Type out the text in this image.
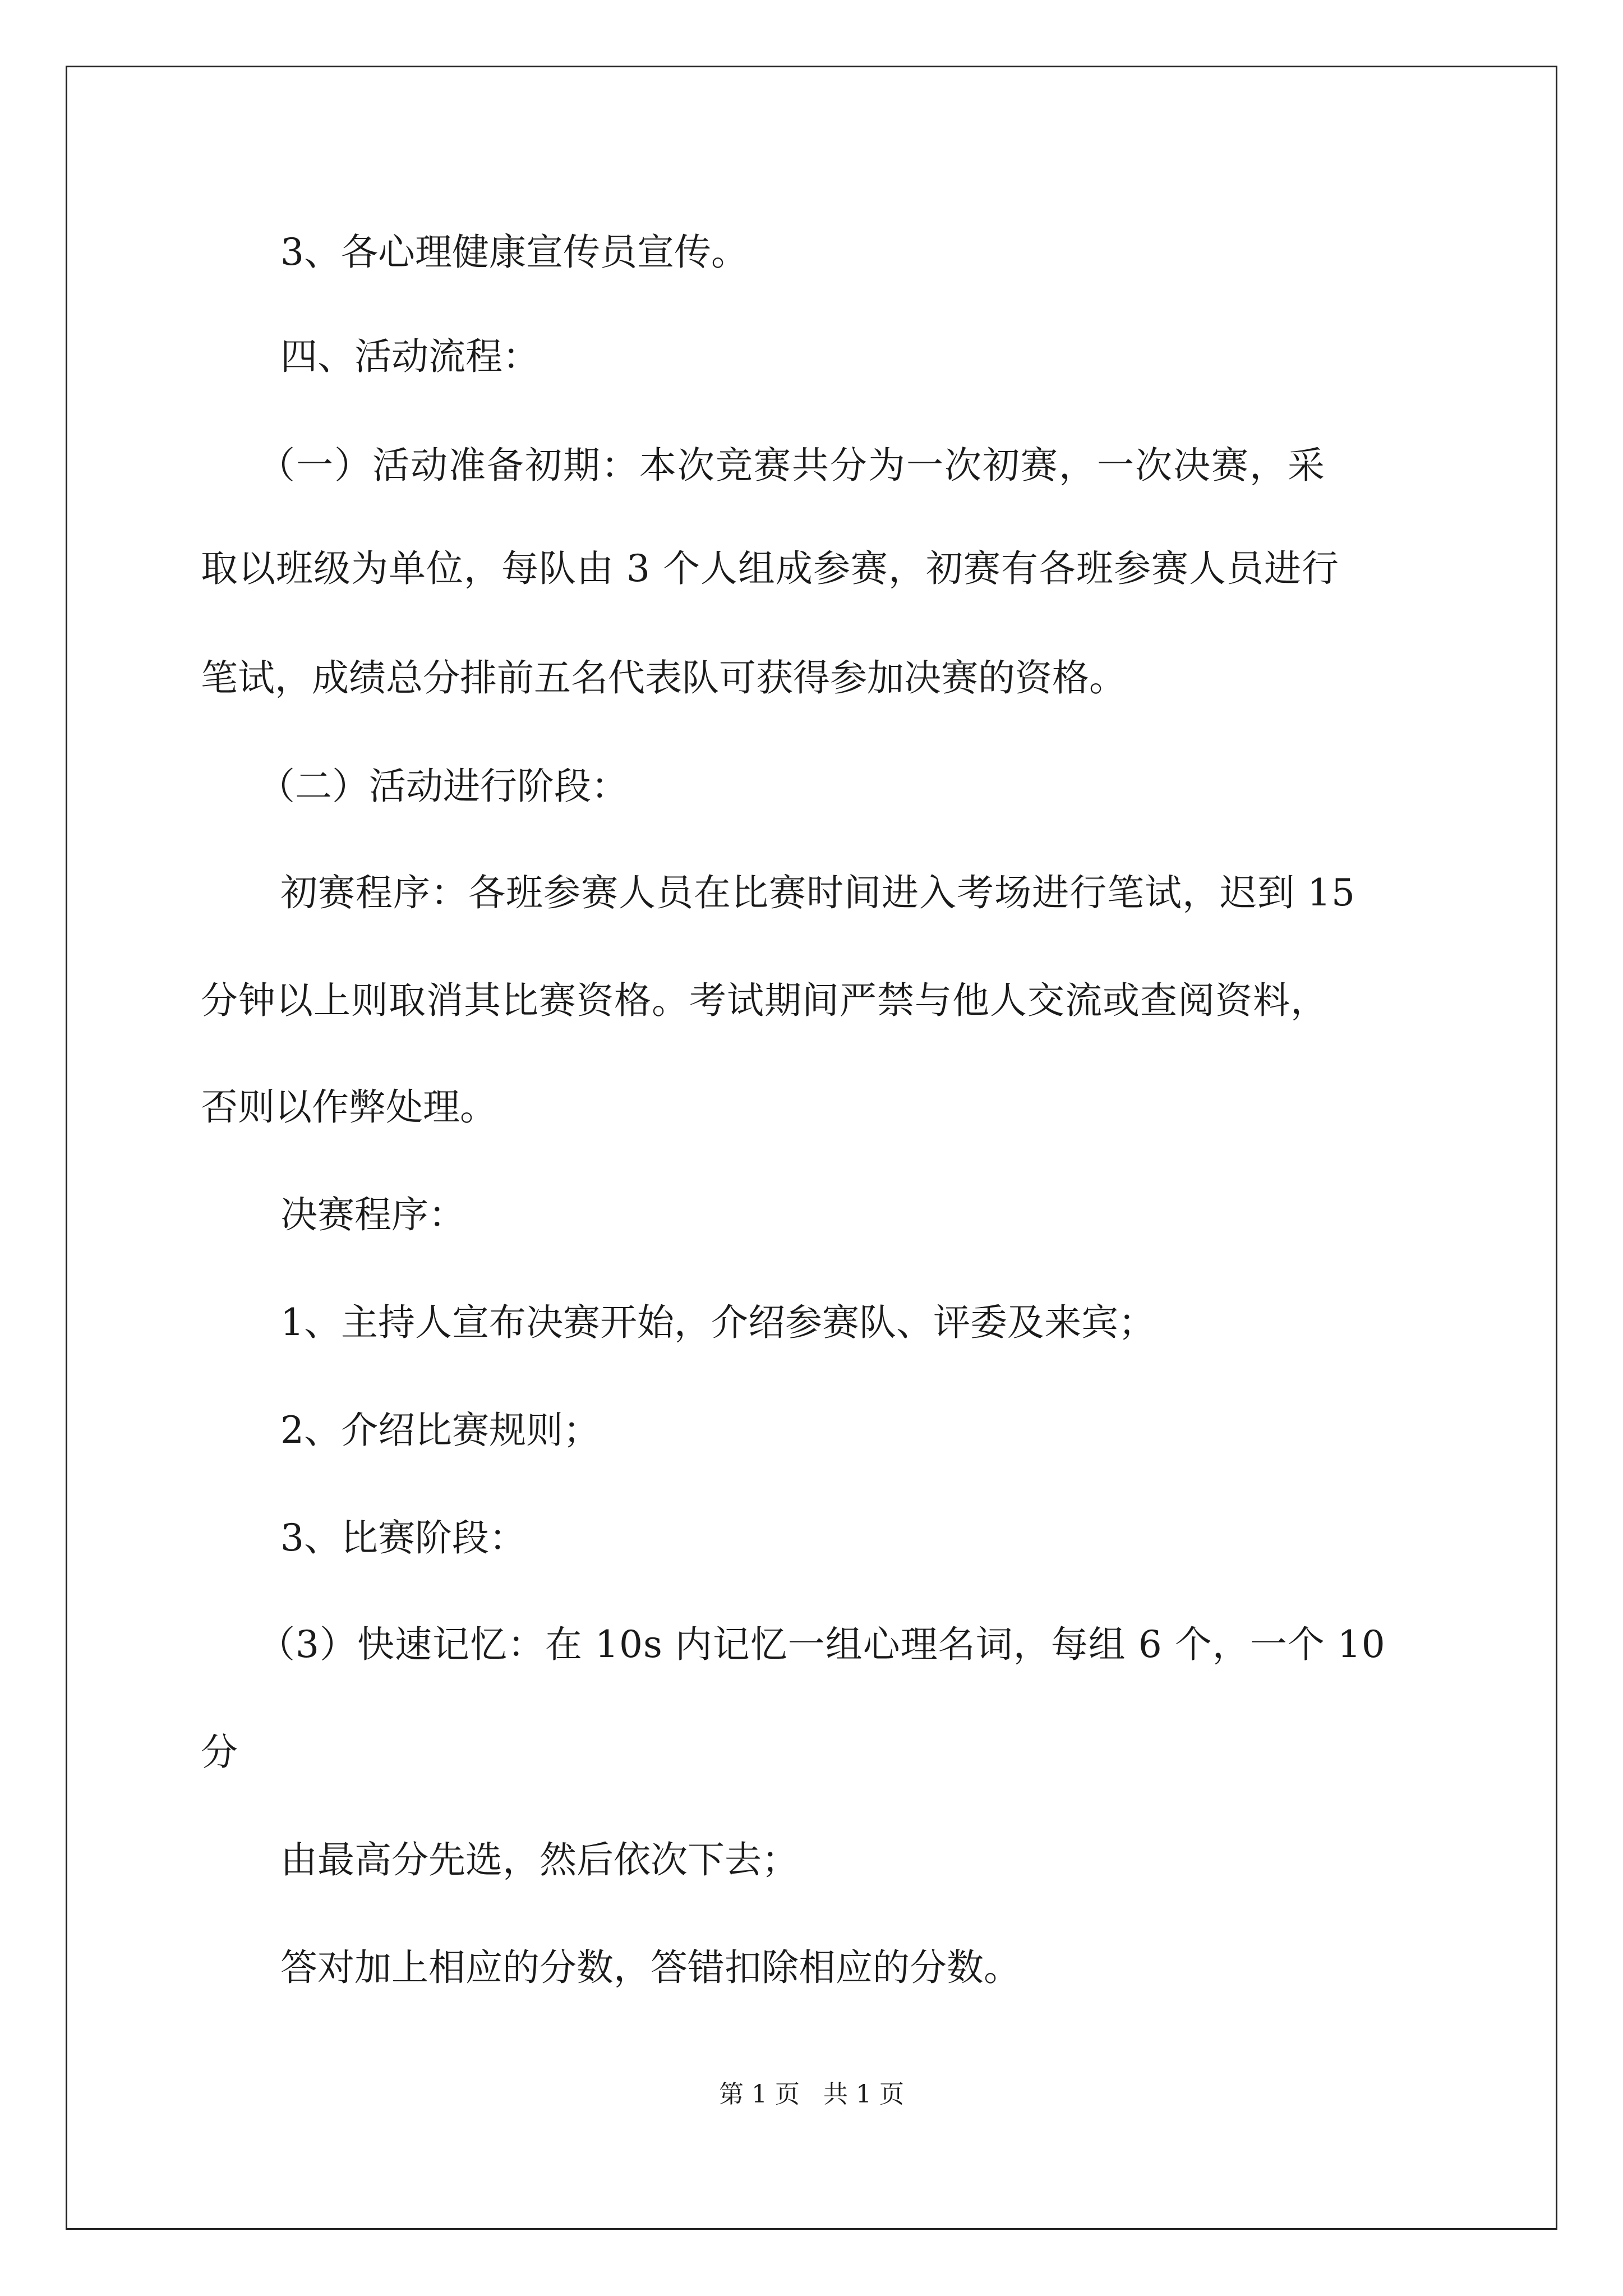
3、各心理健康宣传员宣传。

四、活动流程：

（一）活动准备初期：本次竞赛共分为一次初赛，一次决赛，采

取以班级为单位，每队由 3 个人组成参赛，初赛有各班参赛人员进行

笔试，成绩总分排前五名代表队可获得参加决赛的资格。

（二）活动进行阶段：

初赛程序：各班参赛人员在比赛时间进入考场进行笔试，迟到 15

分钟以上则取消其比赛资格。考试期间严禁与他人交流或查阅资料，

否则以作弊处理。

决赛程序：

1、主持人宣布决赛开始，介绍参赛队、评委及来宾；

2、介绍比赛规则；

3、比赛阶段：

（3）快速记忆：在 10s 内记忆一组心理名词，每组 6 个，一个 10

分

由最高分先选，然后依次下去；

答对加上相应的分数，答错扣除相应的分数。

第 1 页 共 1 页
